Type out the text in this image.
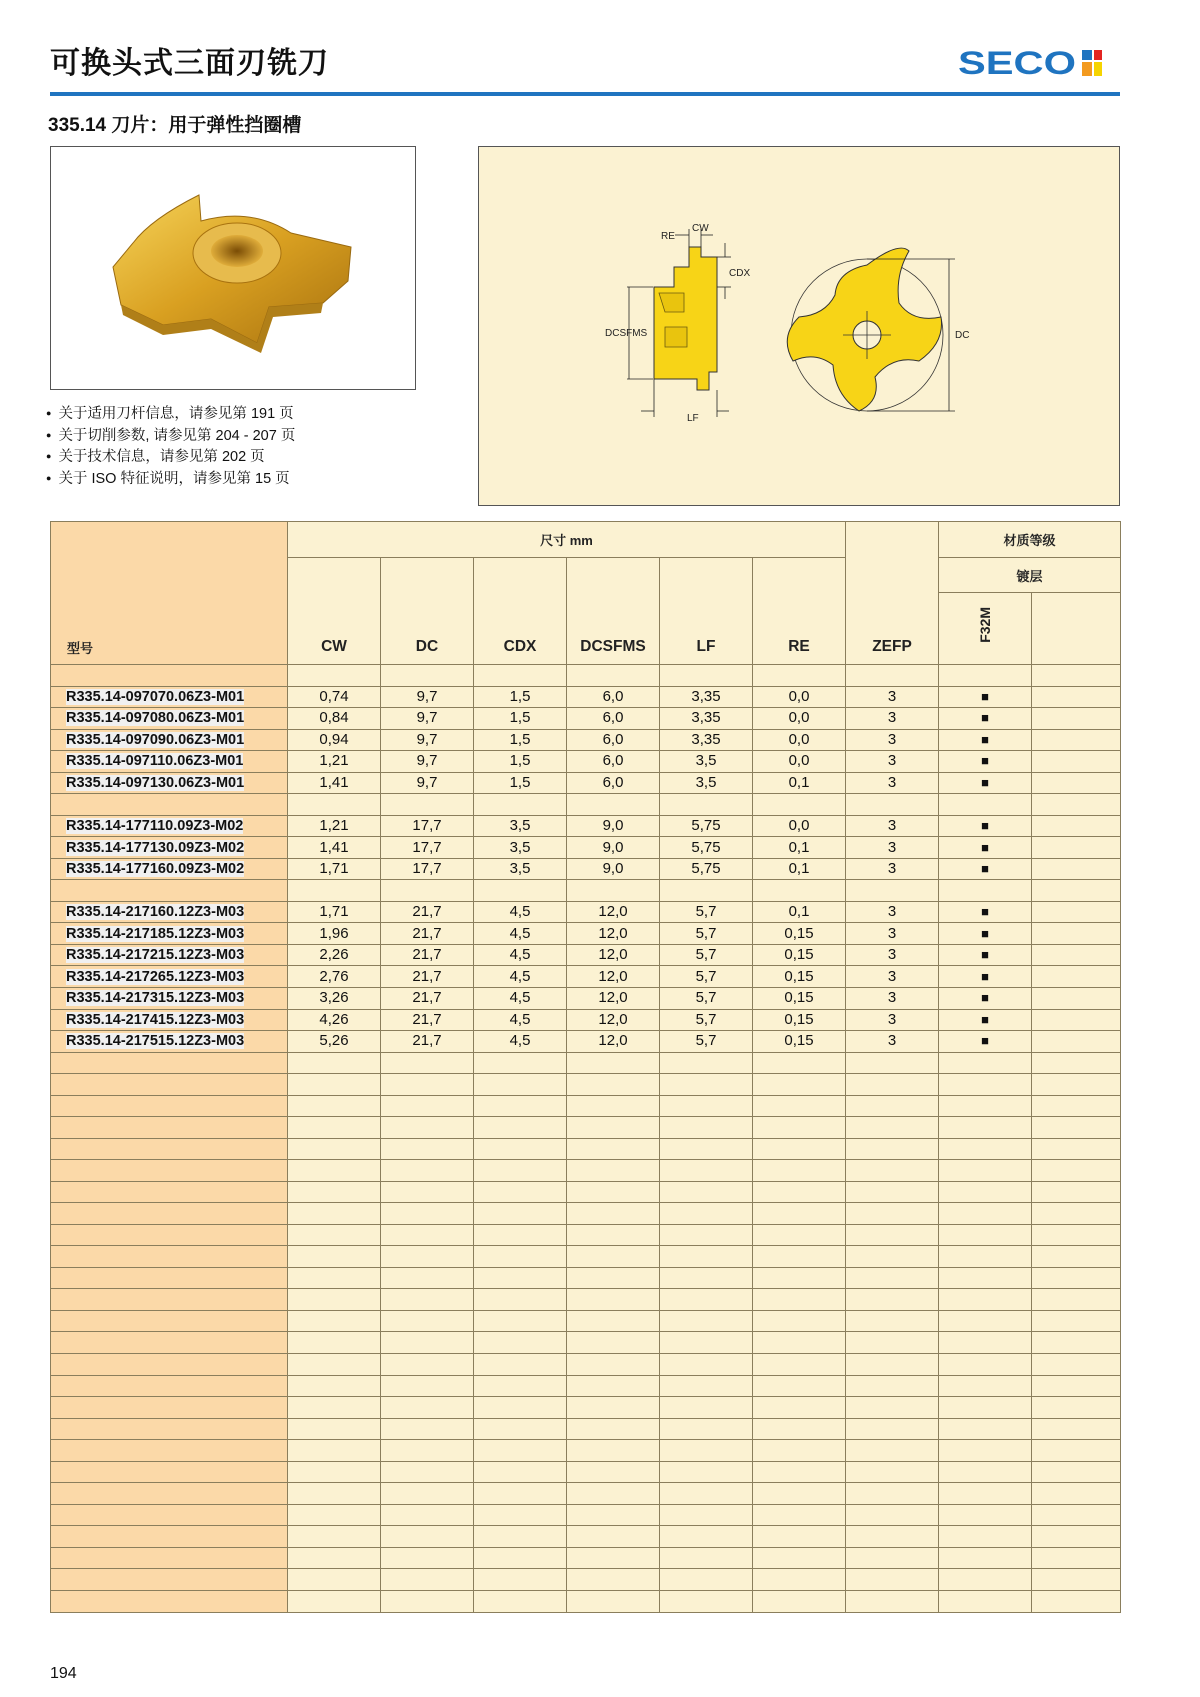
可换头式三面刃铣刀	SECO
335.14 刀片：用于弹性挡圈槽
● 关于适用刀杆信息，请参见第 191 页
● 关于切削参数, 请参见第 204 - 207 页
● 关于技术信息，请参见第 202 页
● 关于 ISO 特征说明，请参见第 15 页
RE
CW
CDX
DCSFMS
LF
DC
型号	尺寸 mm						ZEFP	材质等级	
	CW	DC	CDX	DCSFMS	LF	RE		镀层	
								F32M	

R335.14-097070.06Z3-M01	0,74	9,7	1,5	6,0	3,35	0,0	3	■	
R335.14-097080.06Z3-M01	0,84	9,7	1,5	6,0	3,35	0,0	3	■	
R335.14-097090.06Z3-M01	0,94	9,7	1,5	6,0	3,35	0,0	3	■	
R335.14-097110.06Z3-M01	1,21	9,7	1,5	6,0	3,5	0,0	3	■	
R335.14-097130.06Z3-M01	1,41	9,7	1,5	6,0	3,5	0,1	3	■	

R335.14-177110.09Z3-M02	1,21	17,7	3,5	9,0	5,75	0,0	3	■	
R335.14-177130.09Z3-M02	1,41	17,7	3,5	9,0	5,75	0,1	3	■	
R335.14-177160.09Z3-M02	1,71	17,7	3,5	9,0	5,75	0,1	3	■	

R335.14-217160.12Z3-M03	1,71	21,7	4,5	12,0	5,7	0,1	3	■	
R335.14-217185.12Z3-M03	1,96	21,7	4,5	12,0	5,7	0,15	3	■	
R335.14-217215.12Z3-M03	2,26	21,7	4,5	12,0	5,7	0,15	3	■	
R335.14-217265.12Z3-M03	2,76	21,7	4,5	12,0	5,7	0,15	3	■	
R335.14-217315.12Z3-M03	3,26	21,7	4,5	12,0	5,7	0,15	3	■	
R335.14-217415.12Z3-M03	4,26	21,7	4,5	12,0	5,7	0,15	3	■	
R335.14-217515.12Z3-M03	5,26	21,7	4,5	12,0	5,7	0,15	3	■	

194
